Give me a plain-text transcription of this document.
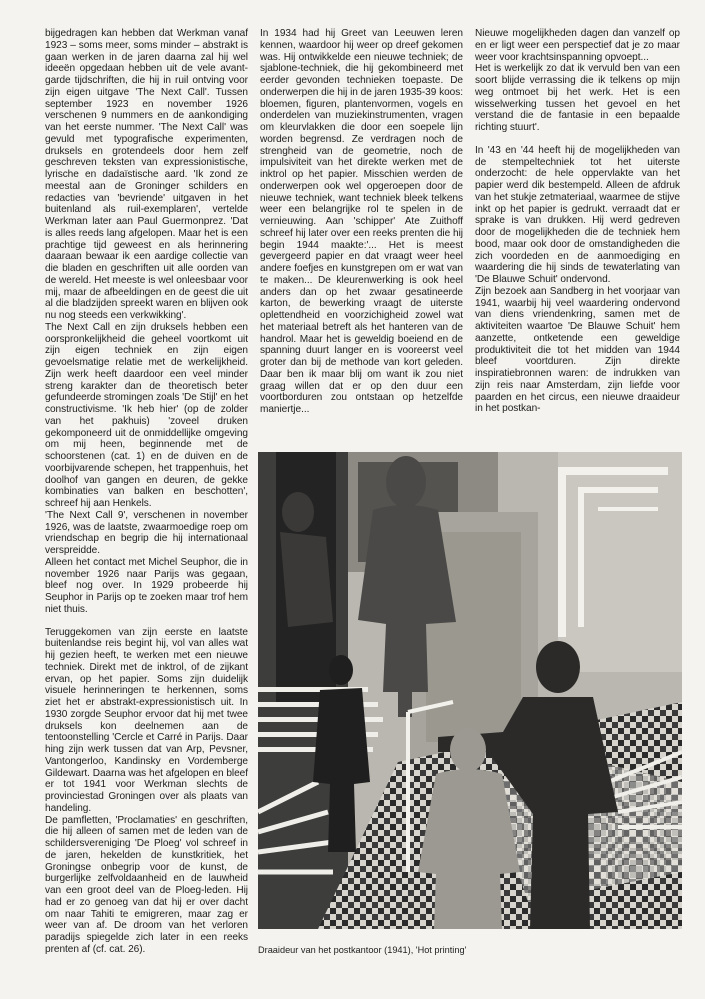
bijgedragen kan hebben dat Werkman vanaf 1923 – soms meer, soms minder – abstrakt is gaan werken in de jaren daarna zal hij wel ideeën opgedaan hebben uit de vele avant-garde tijdschriften, die hij in ruil ontving voor zijn eigen uitgave 'The Next Call'. Tussen september 1923 en november 1926 verschenen 9 nummers en de aankondiging van het eerste nummer. 'The Next Call' was gevuld met typografische experimenten, druksels en grotendeels door hem zelf geschreven teksten van expressionistische, lyrische en dadaïstische aard. 'Ik zond ze meestal aan de Groninger schilders en redacties van 'bevriende' uitgaven in het buitenland als ruil-exemplaren', vertelde Werkman later aan Paul Guermonprez. 'Dat is alles reeds lang afgelopen. Maar het is een prachtige tijd geweest en als herinnering daaraan bewaar ik een aardige collectie van die bladen en geschriften uit alle oorden van de wereld. Het meeste is wel onleesbaar voor mij, maar de afbeeldingen en de geest die uit al die bladzijden spreekt waren en blijven ook nu nog steeds een verkwikking'.

The Next Call en zijn druksels hebben een oorspronkelijkheid die geheel voortkomt uit zijn eigen techniek en zijn eigen gevoelsmatige relatie met de werkelijkheid. Zijn werk heeft daardoor een veel minder streng karakter dan de theoretisch beter gefundeerde stromingen zoals 'De Stijl' en het constructivisme. 'Ik heb hier' (op de zolder van het pakhuis) 'zoveel druken gekomponeerd uit de onmiddellijke omgeving om mij heen, beginnende met de schoorstenen (cat. 1) en de duiven en de voorbijvarende schepen, het trappenhuis, het doolhof van gangen en deuren, de gekke kombinaties van balken en beschotten', schreef hij aan Henkels.

'The Next Call 9', verschenen in november 1926, was de laatste, zwaarmoedige roep om vriendschap en begrip die hij internationaal verspreidde.

Alleen het contact met Michel Seuphor, die in november 1926 naar Parijs was gegaan, bleef nog over. In 1929 probeerde hij Seuphor in Parijs op te zoeken maar trof hem niet thuis.

Teruggekomen van zijn eerste en laatste buitenlandse reis begint hij, vol van alles wat hij gezien heeft, te werken met een nieuwe techniek. Direkt met de inktrol, of de zijkant ervan, op het papier. Soms zijn duidelijk visuele herinneringen te herkennen, soms ziet het er abstrakt-expressionistisch uit. In 1930 zorgde Seuphor ervoor dat hij met twee druksels kon deelnemen aan de tentoonstelling 'Cercle et Carré in Parijs. Daar hing zijn werk tussen dat van Arp, Pevsner, Vantongerloo, Kandinsky en Vordemberge Gildewart. Daarna was het afgelopen en bleef er tot 1941 voor Werkman slechts de provinciestad Groningen over als plaats van handeling.

De pamfletten, 'Proclamaties' en geschriften, die hij alleen of samen met de leden van de schildersvereniging 'De Ploeg' vol schreef in de jaren, hekelden de kunstkritiek, het Groningse onbegrip voor de kunst, de burgerlijke zelfvoldaanheid en de lauwheid van een groot deel van de Ploeg-leden. Hij had er zo genoeg van dat hij er over dacht om naar Tahiti te emigreren, maar zag er weer van af. De droom van het verloren paradijs spiegelde zich later in een reeks prenten af (cf. cat. 26).

In 1934 had hij Greet van Leeuwen leren kennen, waardoor hij weer op dreef gekomen was. Hij ontwikkelde een nieuwe techniek; de sjablone-techniek, die hij gekombineerd met eerder gevonden technieken toepaste. De onderwerpen die hij in de jaren 1935-39 koos: bloemen, figuren, plantenvormen, vogels en onderdelen van muziekinstrumenten, vragen om kleurvlakken die door een soepele lijn worden begrensd. Ze verdragen noch de strengheid van de geometrie, noch de impulsiviteit van het direkte werken met de inktrol op het papier. Misschien werden de onderwerpen ook wel opgeroepen door de nieuwe techniek, want techniek bleek telkens weer een belangrijke rol te spelen in de vernieuwing. Aan 'schipper' Ate Zuithoff schreef hij later over een reeks prenten die hij begin 1944 maakte:'... Het is meest gevergeerd papier en dat vraagt weer heel andere foefjes en kunstgrepen om er wat van te maken... De kleurenwerking is ook heel anders dan op het zwaar gesatineerde karton, de bewerking vraagt de uiterste oplettendheid en voorzichigheid zowel wat het materiaal betreft als het hanteren van de handrol. Maar het is geweldig boeiend en de spanning duurt langer en is vooreerst veel groter dan bij de methode van kort geleden. Daar ben ik maar blij om want ik zou niet graag willen dat er op den duur een voortborduren zou ontstaan op hetzelfde maniertje...

Nieuwe mogelijkheden dagen dan vanzelf op en er ligt weer een perspectief dat je zo maar weer voor krachtsinspanning opvoept...

Het is werkelijk zo dat ik vervuld ben van een soort blijde verrassing die ik telkens op mijn weg ontmoet bij het werk. Het is een wisselwerking tussen het gevoel en het verstand die de fantasie in een bepaalde richting stuurt'.

In '43 en '44 heeft hij de mogelijkheden van de stempeltechniek tot het uiterste onderzocht: de hele oppervlakte van het papier werd dik bestempeld. Alleen de afdruk van het stukje zetmateriaal, waarmee de stijve inkt op het papier is gedrukt. verraadt dat er sprake is van drukken. Hij werd gedreven door de mogelijkheden die de techniek hem bood, maar ook door de omstandigheden die zich voordeden en de aanmoediging en waardering die hij sinds de tewaterlating van 'De Blauwe Schuit' ondervond.

Zijn bezoek aan Sandberg in het voorjaar van 1941, waarbij hij veel waardering ondervond van diens vriendenkring, samen met de aktiviteiten waartoe 'De Blauwe Schuit' hem aanzette, ontketende een geweldige produktiviteit die tot het midden van 1944 bleef voortduren. Zijn direkte inspiratiebronnen waren: de indrukken van zijn reis naar Amsterdam, zijn liefde voor paarden en het circus, een nieuwe draaideur in het postkan-

Draaideur van het postkantoor (1941), 'Hot printing'
